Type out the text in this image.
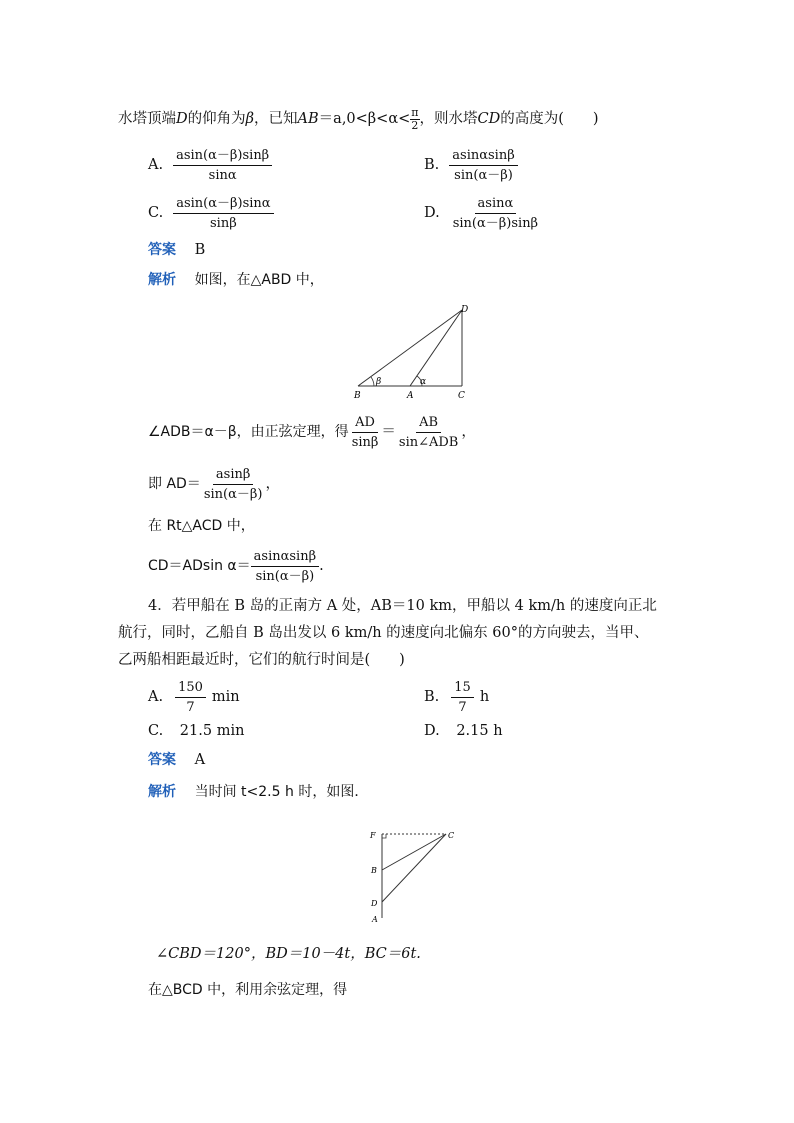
水塔顶端 D 的仰角为 β ，已知 AB $=a,0<\beta<\alpha< \frac{\pi}{2}$ ，则水塔 CD 的高度为(　　)
A. $\frac{asin(\alpha-\beta)\sin\beta}{\sin\alpha}$	B. $\frac{asin\alpha\sin\beta}{\sin(\alpha-\beta)}$
C. $\frac{asin(\alpha-\beta)\sin\alpha}{\sin\beta}$	D. $\frac{asin\alpha}{\sin(\alpha-\beta)\sin\beta}$
答案 B
解析 如图，在△ABD 中，
B	A	C
D
β	α
∠ADB＝α－β，由正弦定理，得 $\frac{AD}{\sin\beta} = \frac{AB}{\text{sin∠ADB}}$ ，
即 $AD= \frac{asin\beta}{\sin(\alpha-\beta)}$ ，
在 Rt△ACD 中，
CD＝ADsin $\alpha= \frac{asin\alpha\sin\beta}{\sin(\alpha-\beta)}$ .
4．若甲船在 B 岛的正南方 A 处，AB＝10 km，甲船以 4 km/h 的速度向正北
航行，同时，乙船自 B 岛出发以 6 km/h 的速度向北偏东 60°的方向驶去，当甲、
乙两船相距最近时，它们的航行时间是(　　)
A. $\frac{150}{7}$ min	B. $\frac{15}{7}$ h
C. 21.5 min	D. 2.15 h
答案 A
解析 当时间 t<2.5 h 时，如图．
F	C
B
D
A
∠CBD＝120°，BD＝10－4t，BC＝6t.
在△BCD 中，利用余弦定理，得
